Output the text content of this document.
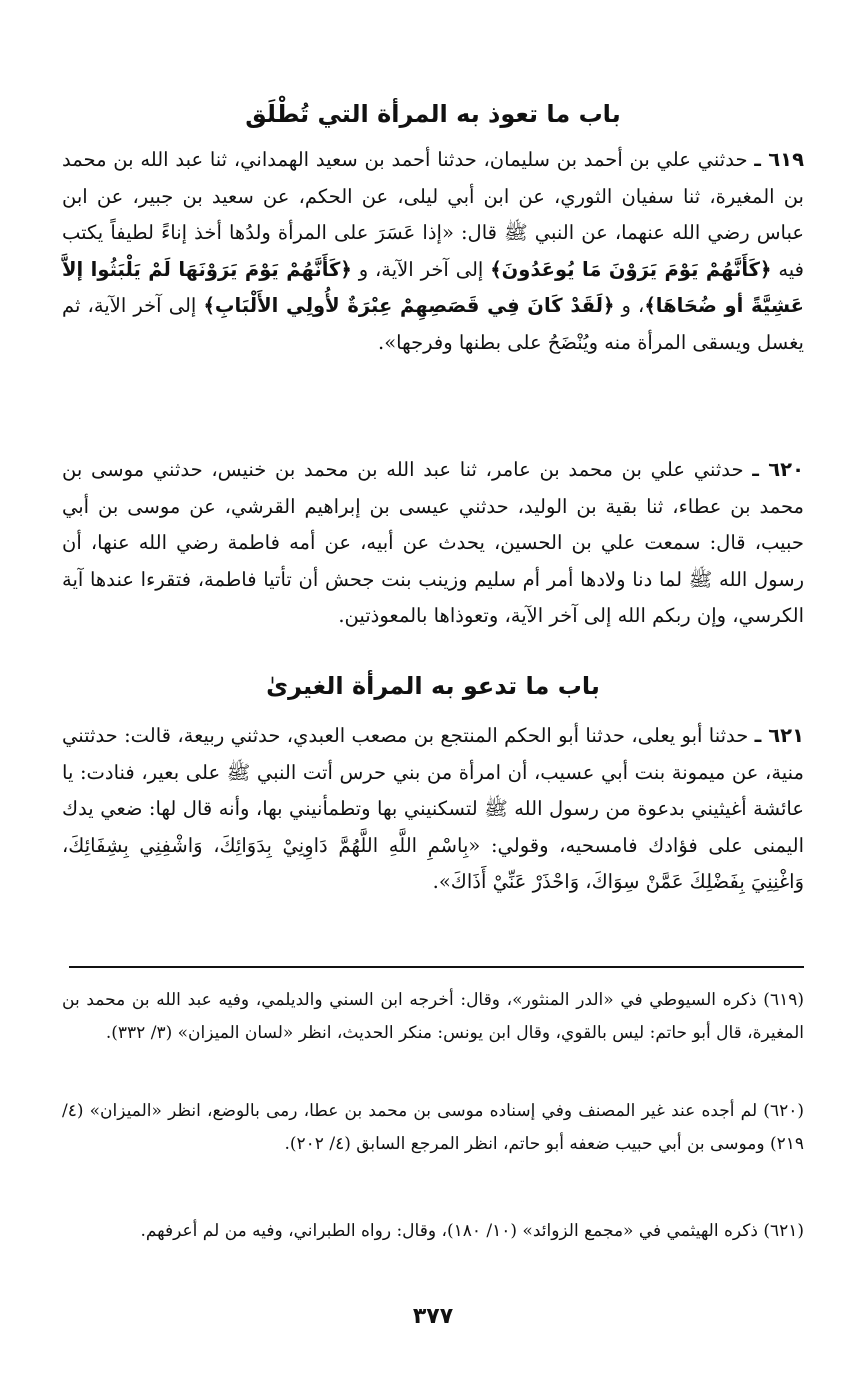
باب ما تعوذ به المرأة التي تُطْلَق

٦١٩ ـ حدثني علي بن أحمد بن سليمان، حدثنا أحمد بن سعيد الهمداني، ثنا عبد الله بن محمد بن المغيرة، ثنا سفيان الثوري، عن ابن أبي ليلى، عن الحكم، عن سعيد بن جبير، عن ابن عباس رضي الله عنهما، عن النبي ﷺ قال: «إذا عَسَرَ على المرأة ولدُها أخذ إناءً لطيفاً يكتب فيه ﴿كَأَنَّهُمْ يَوْمَ يَرَوْنَ مَا يُوعَدُونَ﴾ إلى آخر الآية، و ﴿كَأَنَّهُمْ يَوْمَ يَرَوْنَهَا لَمْ يَلْبَثُوا إلاَّ عَشِيَّةً أو ضُحَاهَا﴾، و ﴿لَقَدْ كَانَ فِي قَصَصِهِمْ عِبْرَةٌ لأُولِي الأَلْبَابِ﴾ إلى آخر الآية، ثم يغسل ويسقى المرأة منه ويُنْضَحُ على بطنها وفرجها».

٦٢٠ ـ حدثني علي بن محمد بن عامر، ثنا عبد الله بن محمد بن خنيس، حدثني موسى بن محمد بن عطاء، ثنا بقية بن الوليد، حدثني عيسى بن إبراهيم القرشي، عن موسى بن أبي حبيب، قال: سمعت علي بن الحسين، يحدث عن أبيه، عن أمه فاطمة رضي الله عنها، أن رسول الله ﷺ لما دنا ولادها أمر أم سليم وزينب بنت جحش أن تأتيا فاطمة، فتقرءا عندها آية الكرسي، وإن ربكم الله إلى آخر الآية، وتعوذاها بالمعوذتين.

باب ما تدعو به المرأة الغيرىٰ

٦٢١ ـ حدثنا أبو يعلى، حدثنا أبو الحكم المنتجع بن مصعب العبدي، حدثني ربيعة، قالت: حدثتني منية، عن ميمونة بنت أبي عسيب، أن امرأة من بني حرس أتت النبي ﷺ على بعير، فنادت: يا عائشة أغيثيني بدعوة من رسول الله ﷺ لتسكنيني بها وتطمأنيني بها، وأنه قال لها: ضعي يدك اليمنى على فؤادك فامسحيه، وقولي: «بِاسْمِ اللَّهِ اللَّهُمَّ دَاوِنِيْ بِدَوَائِكَ، وَاشْفِنِي بِشِفَائِكَ، وَاغْنِنِيَ بِفَضْلِكَ عَمَّنْ سِوَاكَ، وَاحْذَرْ عَنِّيْ أَذَاكَ».

(٦١٩) ذكره السيوطي في «الدر المنثور»، وقال: أخرجه ابن السني والديلمي، وفيه عبد الله بن محمد بن المغيرة، قال أبو حاتم: ليس بالقوي، وقال ابن يونس: منكر الحديث، انظر «لسان الميزان» (٣/ ٣٣٢).

(٦٢٠) لم أجده عند غير المصنف وفي إسناده موسى بن محمد بن عطا، رمى بالوضع، انظر «الميزان» (٤/ ٢١٩) وموسى بن أبي حبيب ضعفه أبو حاتم، انظر المرجع السابق (٤/ ٢٠٢).

(٦٢١) ذكره الهيثمي في «مجمع الزوائد» (١٠/ ١٨٠)، وقال: رواه الطبراني، وفيه من لم أعرفهم.

٣٧٧
